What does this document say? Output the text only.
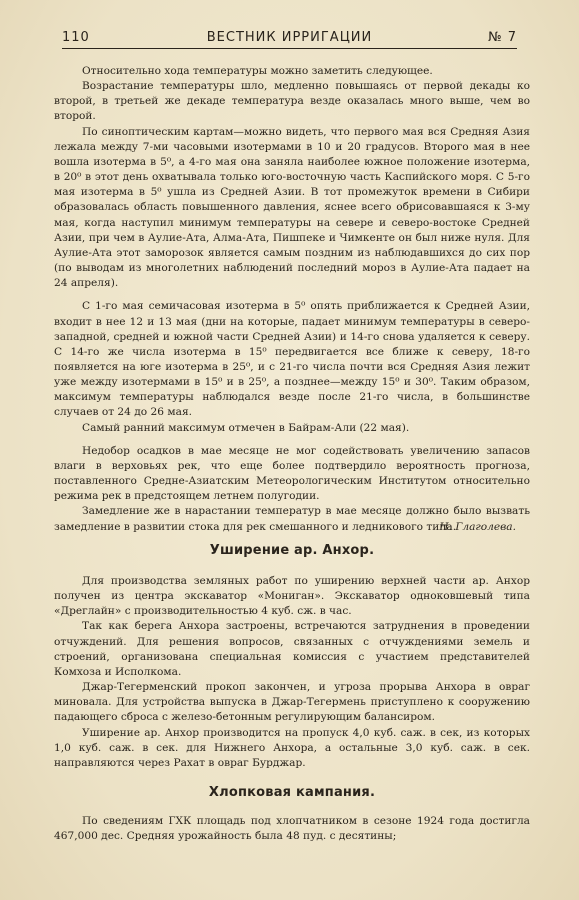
110	ВЕСТНИК ИРРИГАЦИИ	№ 7

Относительно хода температуры можно заметить следующее.

Возрастание температуры шло, медленно повышаясь от первой декады ко второй, в третьей же декаде температура везде оказалась много выше, чем во второй.

По синоптическим картам—можно видеть, что первого мая вся Средняя Азия лежала между 7-ми часовыми изотермами в 10 и 20 градусов. Второго мая в нее вошла изотерма в 5⁰, а 4-го мая она заняла наиболее южное положение изотерма, в 20⁰ в этот день охватывала только юго-восточную часть Каспийского моря. С 5-го мая изотерма в 5⁰ ушла из Средней Азии. В тот промежуток времени в Сибири образовалась область повышенного давления, яснее всего обрисовавшаяся к 3-му мая, когда наступил минимум температуры на севере и северо-востоке Средней Азии, при чем в Аулие-Ата, Алма-Ата, Пишпеке и Чимкенте он был ниже нуля. Для Аулие-Ата этот заморозок является самым поздним из наблюдавшихся до сих пор (по выводам из многолетних наблюдений последний мороз в Аулие-Ата падает на 24 апреля).

С 1-го мая семичасовая изотерма в 5⁰ опять приближается к Средней Азии, входит в нее 12 и 13 мая (дни на которые, падает минимум температуры в северо-западной, средней и южной части Средней Азии) и 14-го снова удаляется к северу. С 14-го же числа изотерма в 15⁰ передвигается все ближе к северу, 18-го появляется на юге изотерма в 25⁰, и с 21-го числа почти вся Средняя Азия лежит уже между изотермами в 15⁰ и в 25⁰, а позднее—между 15⁰ и 30⁰. Таким образом, максимум температуры наблюдался везде после 21-го числа, в большинстве случаев от 24 до 26 мая.

Самый ранний максимум отмечен в Байрам-Али (22 мая).

Недобор осадков в мае месяце не мог содействовать увеличению запасов влаги в верховьях рек, что еще более подтвердило вероятность прогноза, поставленного Средне-Азиатским Метеорологическим Институтом относительно режима рек в предстоящем летнем полугодии.

Замедление же в нарастании температур в мае месяце должно было вызвать замедление в развитии стока для рек смешанного и ледникового типа.

Н. Глаголева.
Уширение ар. Анхор.

Для производства земляных работ по уширению верхней части ар. Анхор получен из центра экскаватор «Мониган». Экскаватор одноковшевый типа «Дреглайн» с производительностью 4 куб. сж. в час.

Так как берега Анхора застроены, встречаются затруднения в проведении отчуждений. Для решения вопросов, связанных с отчуждениями земель и строений, организована специальная комиссия с участием представителей Комхоза и Исполкома.

Джар-Тегерменский прокоп закончен, и угроза прорыва Анхора в овраг миновала. Для устройства выпуска в Джар-Тегермень приступлено к сооружению падающего сброса с железо-бетонным регулирующим балансиром.

Уширение ар. Анхор производится на пропуск 4,0 куб. саж. в сек, из которых 1,0 куб. саж. в сек. для Нижнего Анхора, а остальные 3,0 куб. саж. в сек. направляются через Рахат в овраг Бурджар.

Хлопковая кампания.

По сведениям ГХК площадь под хлопчатником в сезоне 1924 года достигла 467,000 дес. Средняя урожайность была 48 пуд. с десятины;
